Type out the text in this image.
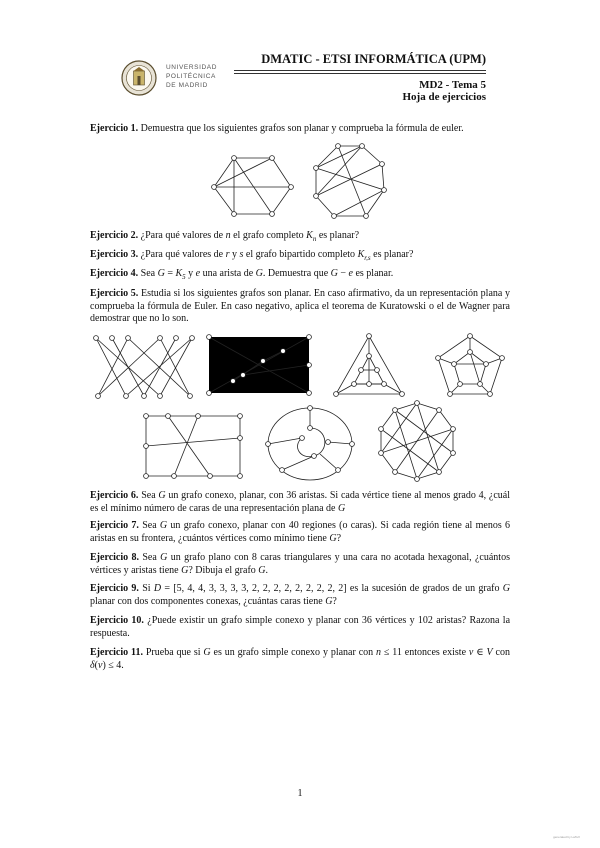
UNIVERSIDAD
POLITÉCNICA
DE MADRID
DMATIC - ETSI INFORMÁTICA (UPM)
MD2 - Tema 5
Hoja de ejercicios
Ejercicio 1. Demuestra que los siguientes grafos son planar y comprueba la fórmula de euler.
Ejercicio 2. ¿Para qué valores de n el grafo completo $K_n$ es planar?
Ejercicio 3. ¿Para qué valores de r y s el grafo bipartido completo $K_{r,s}$ es planar?
Ejercicio 4. Sea $G = K_5$ y e una arista de G. Demuestra que G − e es planar.
Ejercicio 5. Estudia si los siguientes grafos son planar. En caso afirmativo, da un representación plana y comprueba la fórmula de Euler. En caso negativo, aplica el teorema de Kuratowski o el de Wagner para demostrar que no lo son.
Ejercicio 6. Sea G un grafo conexo, planar, con 36 aristas. Si cada vértice tiene al menos grado 4, ¿cuál es el mínimo número de caras de una representación plana de G
Ejercicio 7. Sea G un grafo conexo, planar con 40 regiones (o caras). Si cada región tiene al menos 6 aristas en su frontera, ¿cuántos vértices como mínimo tiene G?
Ejercicio 8. Sea G un grafo plano con 8 caras triangulares y una cara no acotada hexagonal, ¿cuántos vértices y aristas tiene G? Dibuja el grafo G.
Ejercicio 9. Si D = [5, 4, 4, 3, 3, 3, 3, 2, 2, 2, 2, 2, 2, 2, 2, 2] es la sucesión de grados de un grafo G planar con dos componentes conexas, ¿cuántas caras tiene G?
Ejercicio 10. ¿Puede existir un grafo simple conexo y planar con 36 vértices y 102 aristas? Razona la respuesta.
Ejercicio 11. Prueba que si G es un grafo simple conexo y planar con n ≤ 11 entonces existe v ∈ V con δ(v) ≤ 4.
1
generated by LaTeX
